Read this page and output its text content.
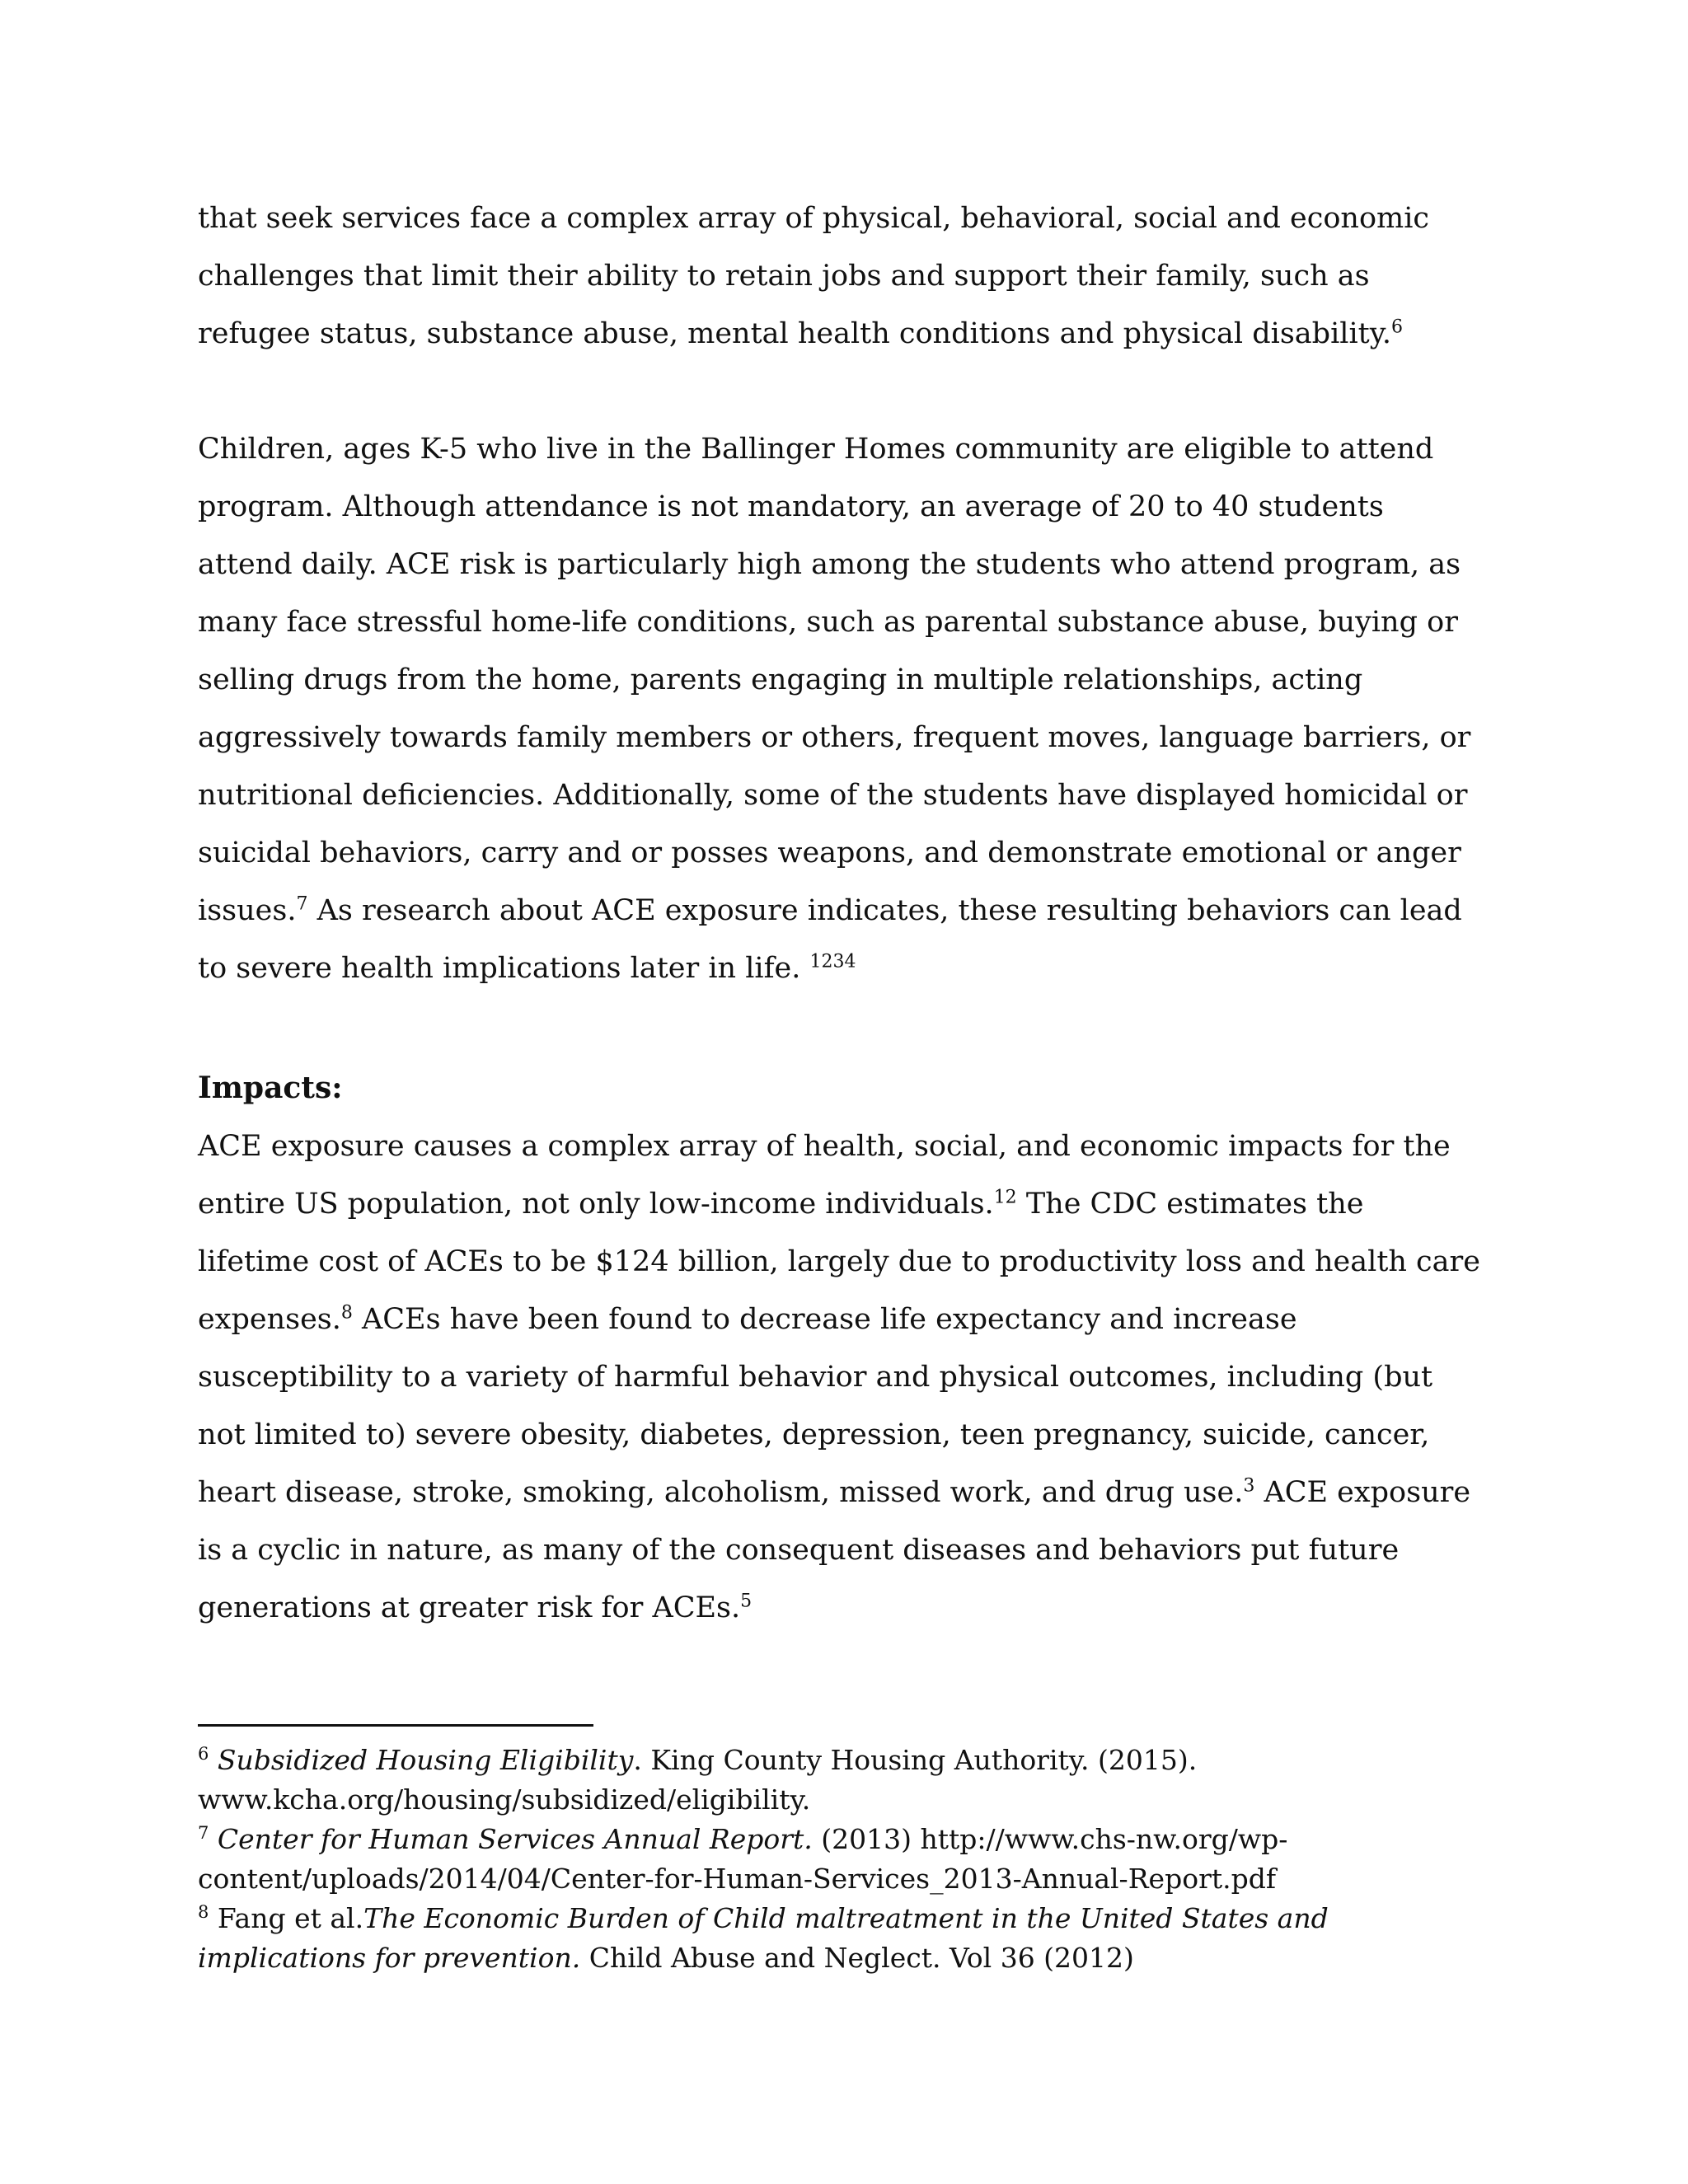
that seek services face a complex array of physical, behavioral, social and economic challenges that limit their ability to retain jobs and support their family, such as refugee status, substance abuse, mental health conditions and physical disability.$^6$

Children, ages K-5 who live in the Ballinger Homes community are eligible to attend program. Although attendance is not mandatory, an average of 20 to 40 students attend daily. ACE risk is particularly high among the students who attend program, as many face stressful home-life conditions, such as parental substance abuse, buying or selling drugs from the home, parents engaging in multiple relationships, acting aggressively towards family members or others, frequent moves, language barriers, or nutritional deficiencies. Additionally, some of the students have displayed homicidal or suicidal behaviors, carry and or posses weapons, and demonstrate emotional or anger issues.$^7$ As research about ACE exposure indicates, these resulting behaviors can lead to severe health implications later in life. $^{1234}$

Impacts:

ACE exposure causes a complex array of health, social, and economic impacts for the entire US population, not only low-income individuals.$^{12}$ The CDC estimates the lifetime cost of ACEs to be $124 billion, largely due to productivity loss and health care expenses.$^8$ ACEs have been found to decrease life expectancy and increase susceptibility to a variety of harmful behavior and physical outcomes, including (but not limited to) severe obesity, diabetes, depression, teen pregnancy, suicide, cancer, heart disease, stroke, smoking, alcoholism, missed work, and drug use.$^3$ ACE exposure is a cyclic in nature, as many of the consequent diseases and behaviors put future generations at greater risk for ACEs.$^5$

$^6$ Subsidized Housing Eligibility. King County Housing Authority. (2015).
www.kcha.org/housing/subsidized/eligibility.

$^7$ Center for Human Services Annual Report. (2013) http://www.chs-nw.org/wp-
content/uploads/2014/04/Center-for-Human-Services_2013-Annual-Report.pdf

$^8$ Fang et al.The Economic Burden of Child maltreatment in the United States and implications for prevention. Child Abuse and Neglect. Vol 36 (2012)
